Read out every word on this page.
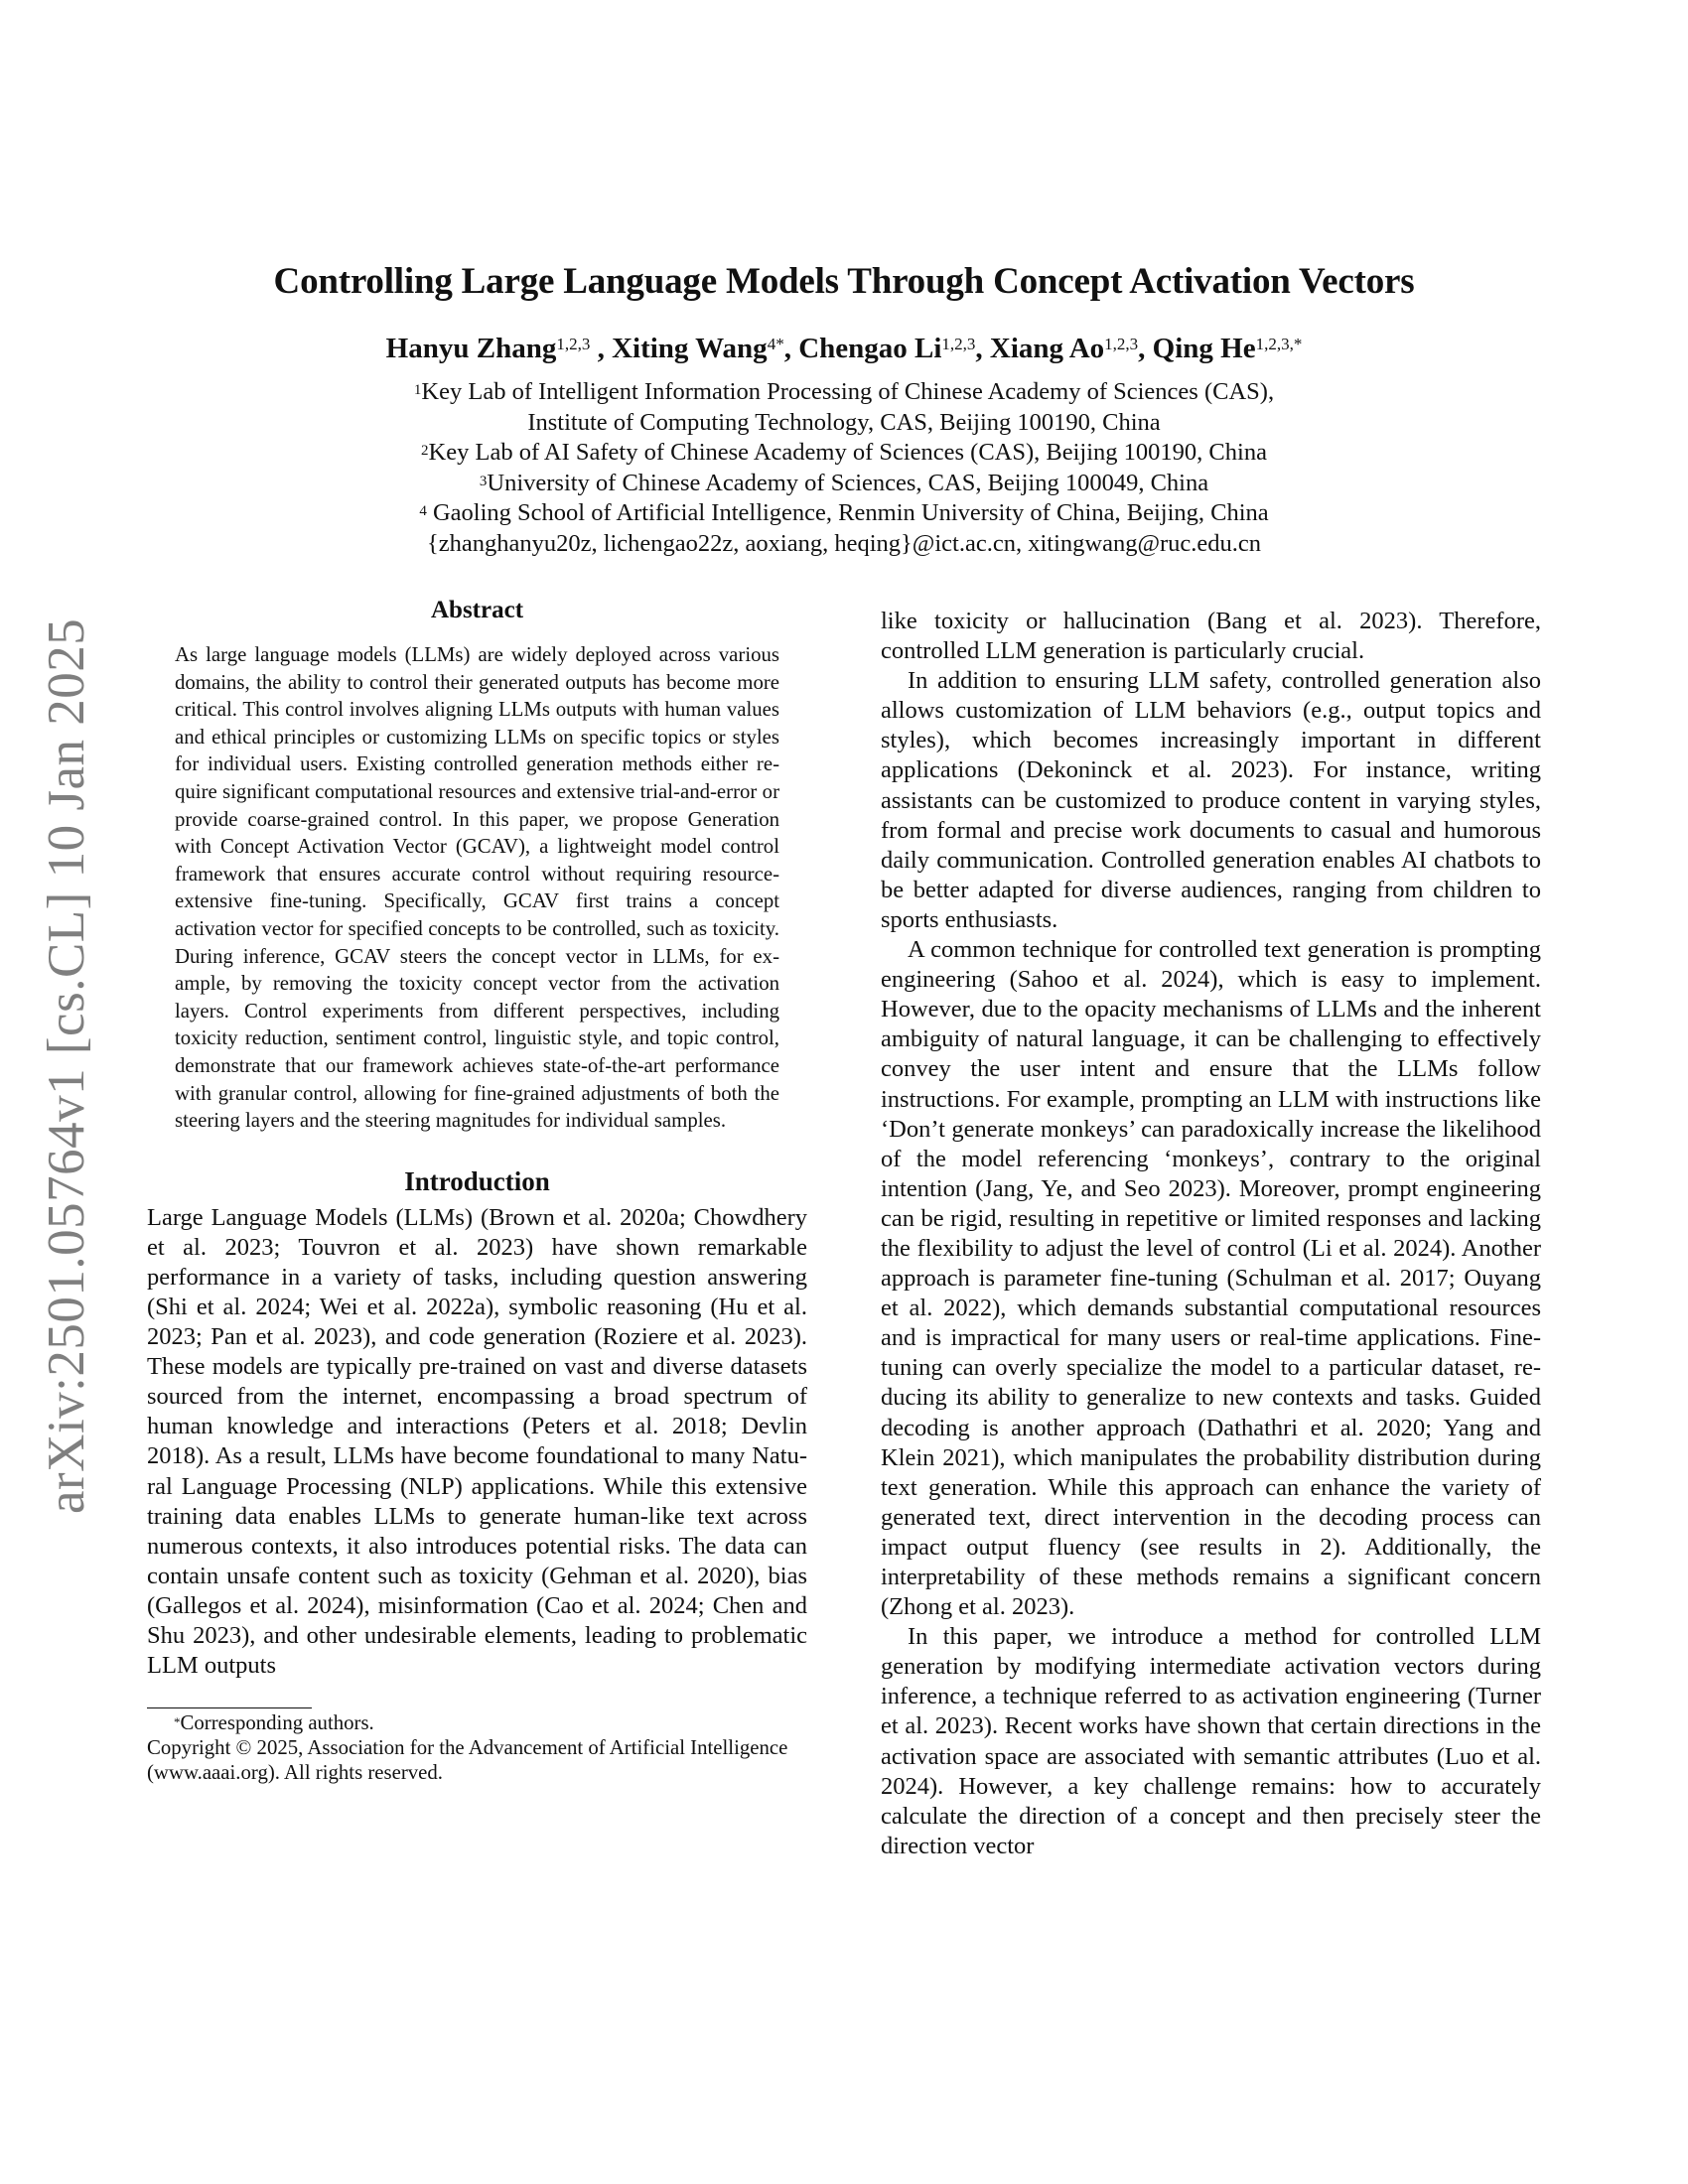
arXiv:2501.05764v1 [cs.CL] 10 Jan 2025
Controlling Large Language Models Through Concept Activation Vectors
Hanyu Zhang$^{1,2,3}$ , Xiting Wang$^{4*}$, Chengao Li$^{1,2,3}$, Xiang Ao$^{1,2,3}$, Qing $He^{1,2,3,*}$
$^1$Key Lab of Intelligent Information Processing of Chinese Academy of Sciences (CAS),
Institute of Computing Technology, CAS, Beijing 100190, China
$^2$Key Lab of AI Safety of Chinese Academy of Sciences (CAS), Beijing 100190, China
$^3$University of Chinese Academy of Sciences, CAS, Beijing 100049, China
$^4$ Gaoling School of Artificial Intelligence, Renmin University of China, Beijing, China
{zhanghanyu20z, lichengao22z, aoxiang, heqing}@ict.ac.cn, xitingwang@ruc.edu.cn
Abstract

As large language models (LLMs) are widely deployed across various domains, the ability to control their generated outputs has become more critical. This control involves aligning LLMs outputs with human values and ethical principles or customizing LLMs on specific topics or styles for individual users. Existing controlled generation methods either require significant computational resources and extensive trial-and-error or provide coarse-grained control. In this paper, we propose Generation with Concept Activation Vector (GCAV), a lightweight model control framework that ensures accurate control without requiring resource-extensive fine-tuning. Specifically, GCAV first trains a concept activation vector for specified concepts to be controlled, such as toxicity. During inference, GCAV steers the concept vector in LLMs, for example, by removing the toxicity concept vector from the activation layers. Control experiments from different perspectives, including toxicity reduction, sentiment control, linguistic style, and topic control, demonstrate that our framework achieves state-of-the-art performance with granular control, allowing for fine-grained adjustments of both the steering layers and the steering magnitudes for individual samples.

Introduction

Large Language Models (LLMs) (Brown et al. 2020a; Chowdhery et al. 2023; Touvron et al. 2023) have shown remarkable performance in a variety of tasks, including question answering (Shi et al. 2024; Wei et al. 2022a), symbolic reasoning (Hu et al. 2023; Pan et al. 2023), and code generation (Roziere et al. 2023). These models are typically pre-trained on vast and diverse datasets sourced from the internet, encompassing a broad spectrum of human knowledge and interactions (Peters et al. 2018; Devlin 2018). As a result, LLMs have become foundational to many Natural Language Processing (NLP) applications. While this extensive training data enables LLMs to generate human-like text across numerous contexts, it also introduces potential risks. The data can contain unsafe content such as toxicity (Gehman et al. 2020), bias (Gallegos et al. 2024), misinformation (Cao et al. 2024; Chen and Shu 2023), and other undesirable elements, leading to problematic LLM outputs

*Corresponding authors.

Copyright © 2025, Association for the Advancement of Artificial Intelligence (www.aaai.org). All rights reserved.

like toxicity or hallucination (Bang et al. 2023). Therefore, controlled LLM generation is particularly crucial.

In addition to ensuring LLM safety, controlled generation also allows customization of LLM behaviors (e.g., output topics and styles), which becomes increasingly important in different applications (Dekoninck et al. 2023). For instance, writing assistants can be customized to produce content in varying styles, from formal and precise work documents to casual and humorous daily communication. Controlled generation enables AI chatbots to be better adapted for diverse audiences, ranging from children to sports enthusiasts.

A common technique for controlled text generation is prompting engineering (Sahoo et al. 2024), which is easy to implement. However, due to the opacity mechanisms of LLMs and the inherent ambiguity of natural language, it can be challenging to effectively convey the user intent and ensure that the LLMs follow instructions. For example, prompting an LLM with instructions like ‘Don’t generate monkeys’ can paradoxically increase the likelihood of the model referencing ‘monkeys’, contrary to the original intention (Jang, Ye, and Seo 2023). Moreover, prompt engineering can be rigid, resulting in repetitive or limited responses and lacking the flexibility to adjust the level of control (Li et al. 2024). Another approach is parameter fine-tuning (Schulman et al. 2017; Ouyang et al. 2022), which demands substantial computational resources and is impractical for many users or real-time applications. Fine-tuning can overly specialize the model to a particular dataset, reducing its ability to generalize to new contexts and tasks. Guided decoding is another approach (Dathathri et al. 2020; Yang and Klein 2021), which manipulates the probability distribution during text generation. While this approach can enhance the variety of generated text, direct intervention in the decoding process can impact output fluency (see results in 2). Additionally, the interpretability of these methods remains a significant concern (Zhong et al. 2023).

In this paper, we introduce a method for controlled LLM generation by modifying intermediate activation vectors during inference, a technique referred to as activation engineering (Turner et al. 2023). Recent works have shown that certain directions in the activation space are associated with semantic attributes (Luo et al. 2024). However, a key challenge remains: how to accurately calculate the direction of a concept and then precisely steer the direction vector
